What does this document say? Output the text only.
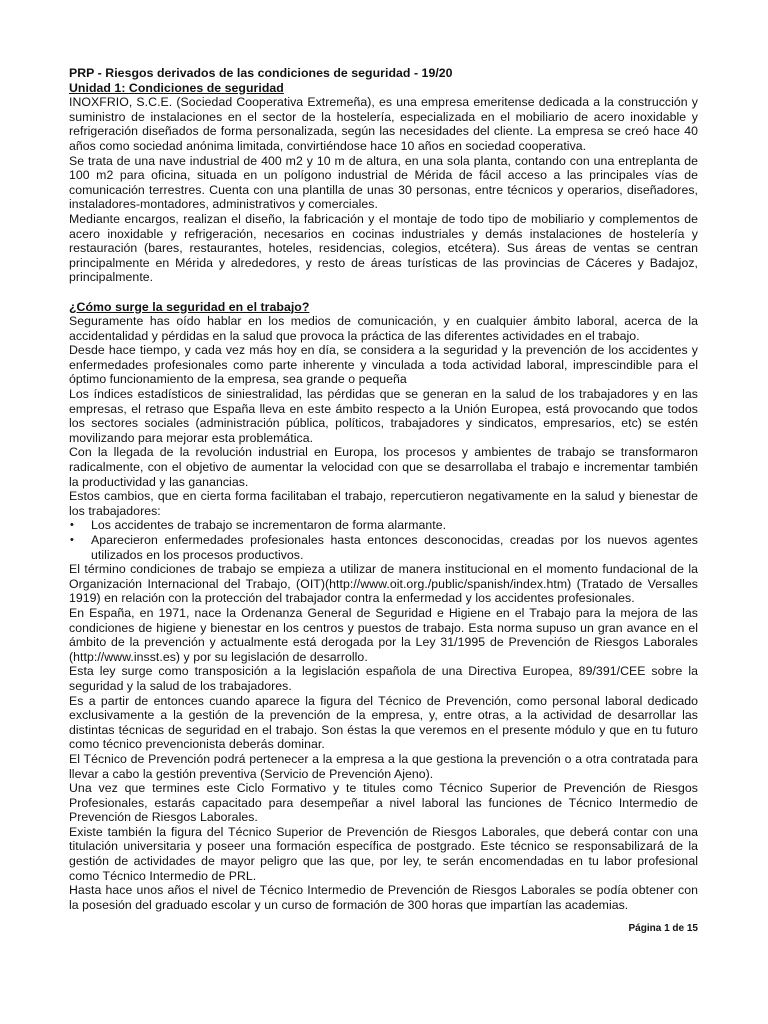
PRP - Riesgos derivados de las condiciones de seguridad - 19/20

Unidad 1: Condiciones de seguridad

INOXFRIO, S.C.E. (Sociedad Cooperativa Extremeña), es una empresa emeritense dedicada a la construcción y suministro de instalaciones en el sector de la hostelería, especializada en el mobiliario de acero inoxidable y refrigeración diseñados de forma personalizada, según las necesidades del cliente. La empresa se creó hace 40 años como sociedad anónima limitada, convirtiéndose hace 10 años en sociedad cooperativa.

Se trata de una nave industrial de 400 m2 y 10 m de altura, en una sola planta, contando con una entreplanta de 100 m2 para oficina, situada en un polígono industrial de Mérida de fácil acceso a las principales vías de comunicación terrestres. Cuenta con una plantilla de unas 30 personas, entre técnicos y operarios, diseñadores, instaladores-montadores, administrativos y comerciales.

Mediante encargos, realizan el diseño, la fabricación y el montaje de todo tipo de mobiliario y complementos de acero inoxidable y refrigeración, necesarios en cocinas industriales y demás instalaciones de hostelería y restauración (bares, restaurantes, hoteles, residencias, colegios, etcétera). Sus áreas de ventas se centran principalmente en Mérida y alrededores, y resto de áreas turísticas de las provincias de Cáceres y Badajoz, principalmente.

¿Cómo surge la seguridad en el trabajo?

Seguramente has oído hablar en los medios de comunicación, y en cualquier ámbito laboral, acerca de la accidentalidad y pérdidas en la salud que provoca la práctica de las diferentes actividades en el trabajo.

Desde hace tiempo, y cada vez más hoy en día, se considera a la seguridad y la prevención de los accidentes y enfermedades profesionales como parte inherente y vinculada a toda actividad laboral, imprescindible para el óptimo funcionamiento de la empresa, sea grande o pequeña

Los índices estadísticos de siniestralidad, las pérdidas que se generan en la salud de los trabajadores y en las empresas, el retraso que España lleva en este ámbito respecto a la Unión Europea, está provocando que todos los sectores sociales (administración pública, políticos, trabajadores y sindicatos, empresarios, etc) se estén movilizando para mejorar esta problemática.

Con la llegada de la revolución industrial en Europa, los procesos y ambientes de trabajo se transformaron radicalmente, con el objetivo de aumentar la velocidad con que se desarrollaba el trabajo e incrementar también la productividad y las ganancias.

Estos cambios, que en cierta forma facilitaban el trabajo, repercutieron negativamente en la salud y bienestar de los trabajadores:

• Los accidentes de trabajo se incrementaron de forma alarmante.
• Aparecieron enfermedades profesionales hasta entonces desconocidas, creadas por los nuevos agentes utilizados en los procesos productivos.

El término condiciones de trabajo se empieza a utilizar de manera institucional en el momento fundacional de la Organización Internacional del Trabajo, (OIT)(http://www.oit.org./public/spanish/index.htm) (Tratado de Versalles 1919) en relación con la protección del trabajador contra la enfermedad y los accidentes profesionales.

En España, en 1971, nace la Ordenanza General de Seguridad e Higiene en el Trabajo para la mejora de las condiciones de higiene y bienestar en los centros y puestos de trabajo. Esta norma supuso un gran avance en el ámbito de la prevención y actualmente está derogada por la Ley 31/1995 de Prevención de Riesgos Laborales (http://www.insst.es) y por su legislación de desarrollo.

Esta ley surge como transposición a la legislación española de una Directiva Europea, 89/391/CEE sobre la seguridad y la salud de los trabajadores.

Es a partir de entonces cuando aparece la figura del Técnico de Prevención, como personal laboral dedicado exclusivamente a la gestión de la prevención de la empresa, y, entre otras, a la actividad de desarrollar las distintas técnicas de seguridad en el trabajo. Son éstas la que veremos en el presente módulo y que en tu futuro como técnico prevencionista deberás dominar.

El Técnico de Prevención podrá pertenecer a la empresa a la que gestiona la prevención o a otra contratada para llevar a cabo la gestión preventiva (Servicio de Prevención Ajeno).

Una vez que termines este Ciclo Formativo y te titules como Técnico Superior de Prevención de Riesgos Profesionales, estarás capacitado para desempeñar a nivel laboral las funciones de Técnico Intermedio de Prevención de Riesgos Laborales.

Existe también la figura del Técnico Superior de Prevención de Riesgos Laborales, que deberá contar con una titulación universitaria y poseer una formación específica de postgrado. Este técnico se responsabilizará de la gestión de actividades de mayor peligro que las que, por ley, te serán encomendadas en tu labor profesional como Técnico Intermedio de PRL.

Hasta hace unos años el nivel de Técnico Intermedio de Prevención de Riesgos Laborales se podía obtener con la posesión del graduado escolar y un curso de formación de 300 horas que impartían las academias.

Página 1 de 15
